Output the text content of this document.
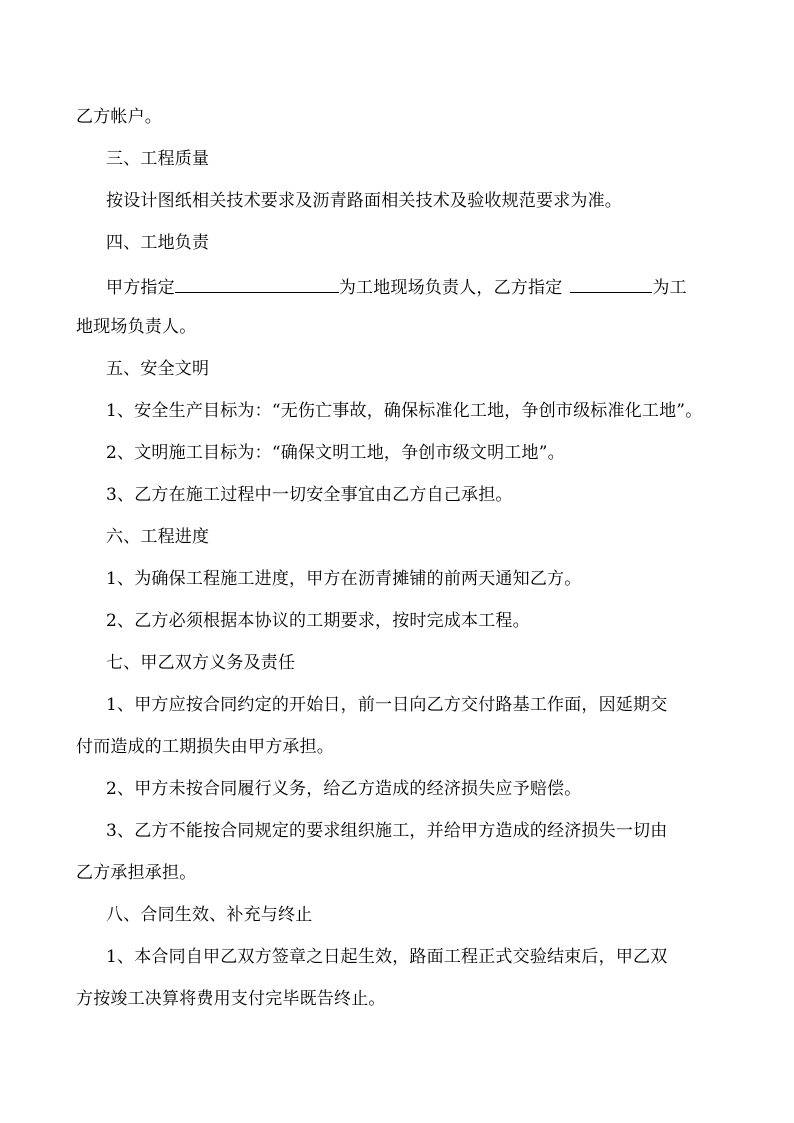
乙方帐户。
三、工程质量
按设计图纸相关技术要求及沥青路面相关技术及验收规范要求为准。
四、工地负责
甲方指定	为工地现场负责人，乙方指定	为工
地现场负责人。
五、安全文明
1、安全生产目标为：“无伤亡事故，确保标准化工地，争创市级标准化工地”。
2、文明施工目标为：“确保文明工地，争创市级文明工地”。
3、乙方在施工过程中一切安全事宜由乙方自己承担。
六、工程进度
1、为确保工程施工进度，甲方在沥青摊铺的前两天通知乙方。
2、乙方必须根据本协议的工期要求，按时完成本工程。
七、甲乙双方义务及责任
1、甲方应按合同约定的开始日，前一日向乙方交付路基工作面，因延期交
付而造成的工期损失由甲方承担。
2、甲方未按合同履行义务，给乙方造成的经济损失应予赔偿。
3、乙方不能按合同规定的要求组织施工，并给甲方造成的经济损失一切由
乙方承担承担。
八、合同生效、补充与终止
1、本合同自甲乙双方签章之日起生效，路面工程正式交验结束后，甲乙双
方按竣工决算将费用支付完毕既告终止。
